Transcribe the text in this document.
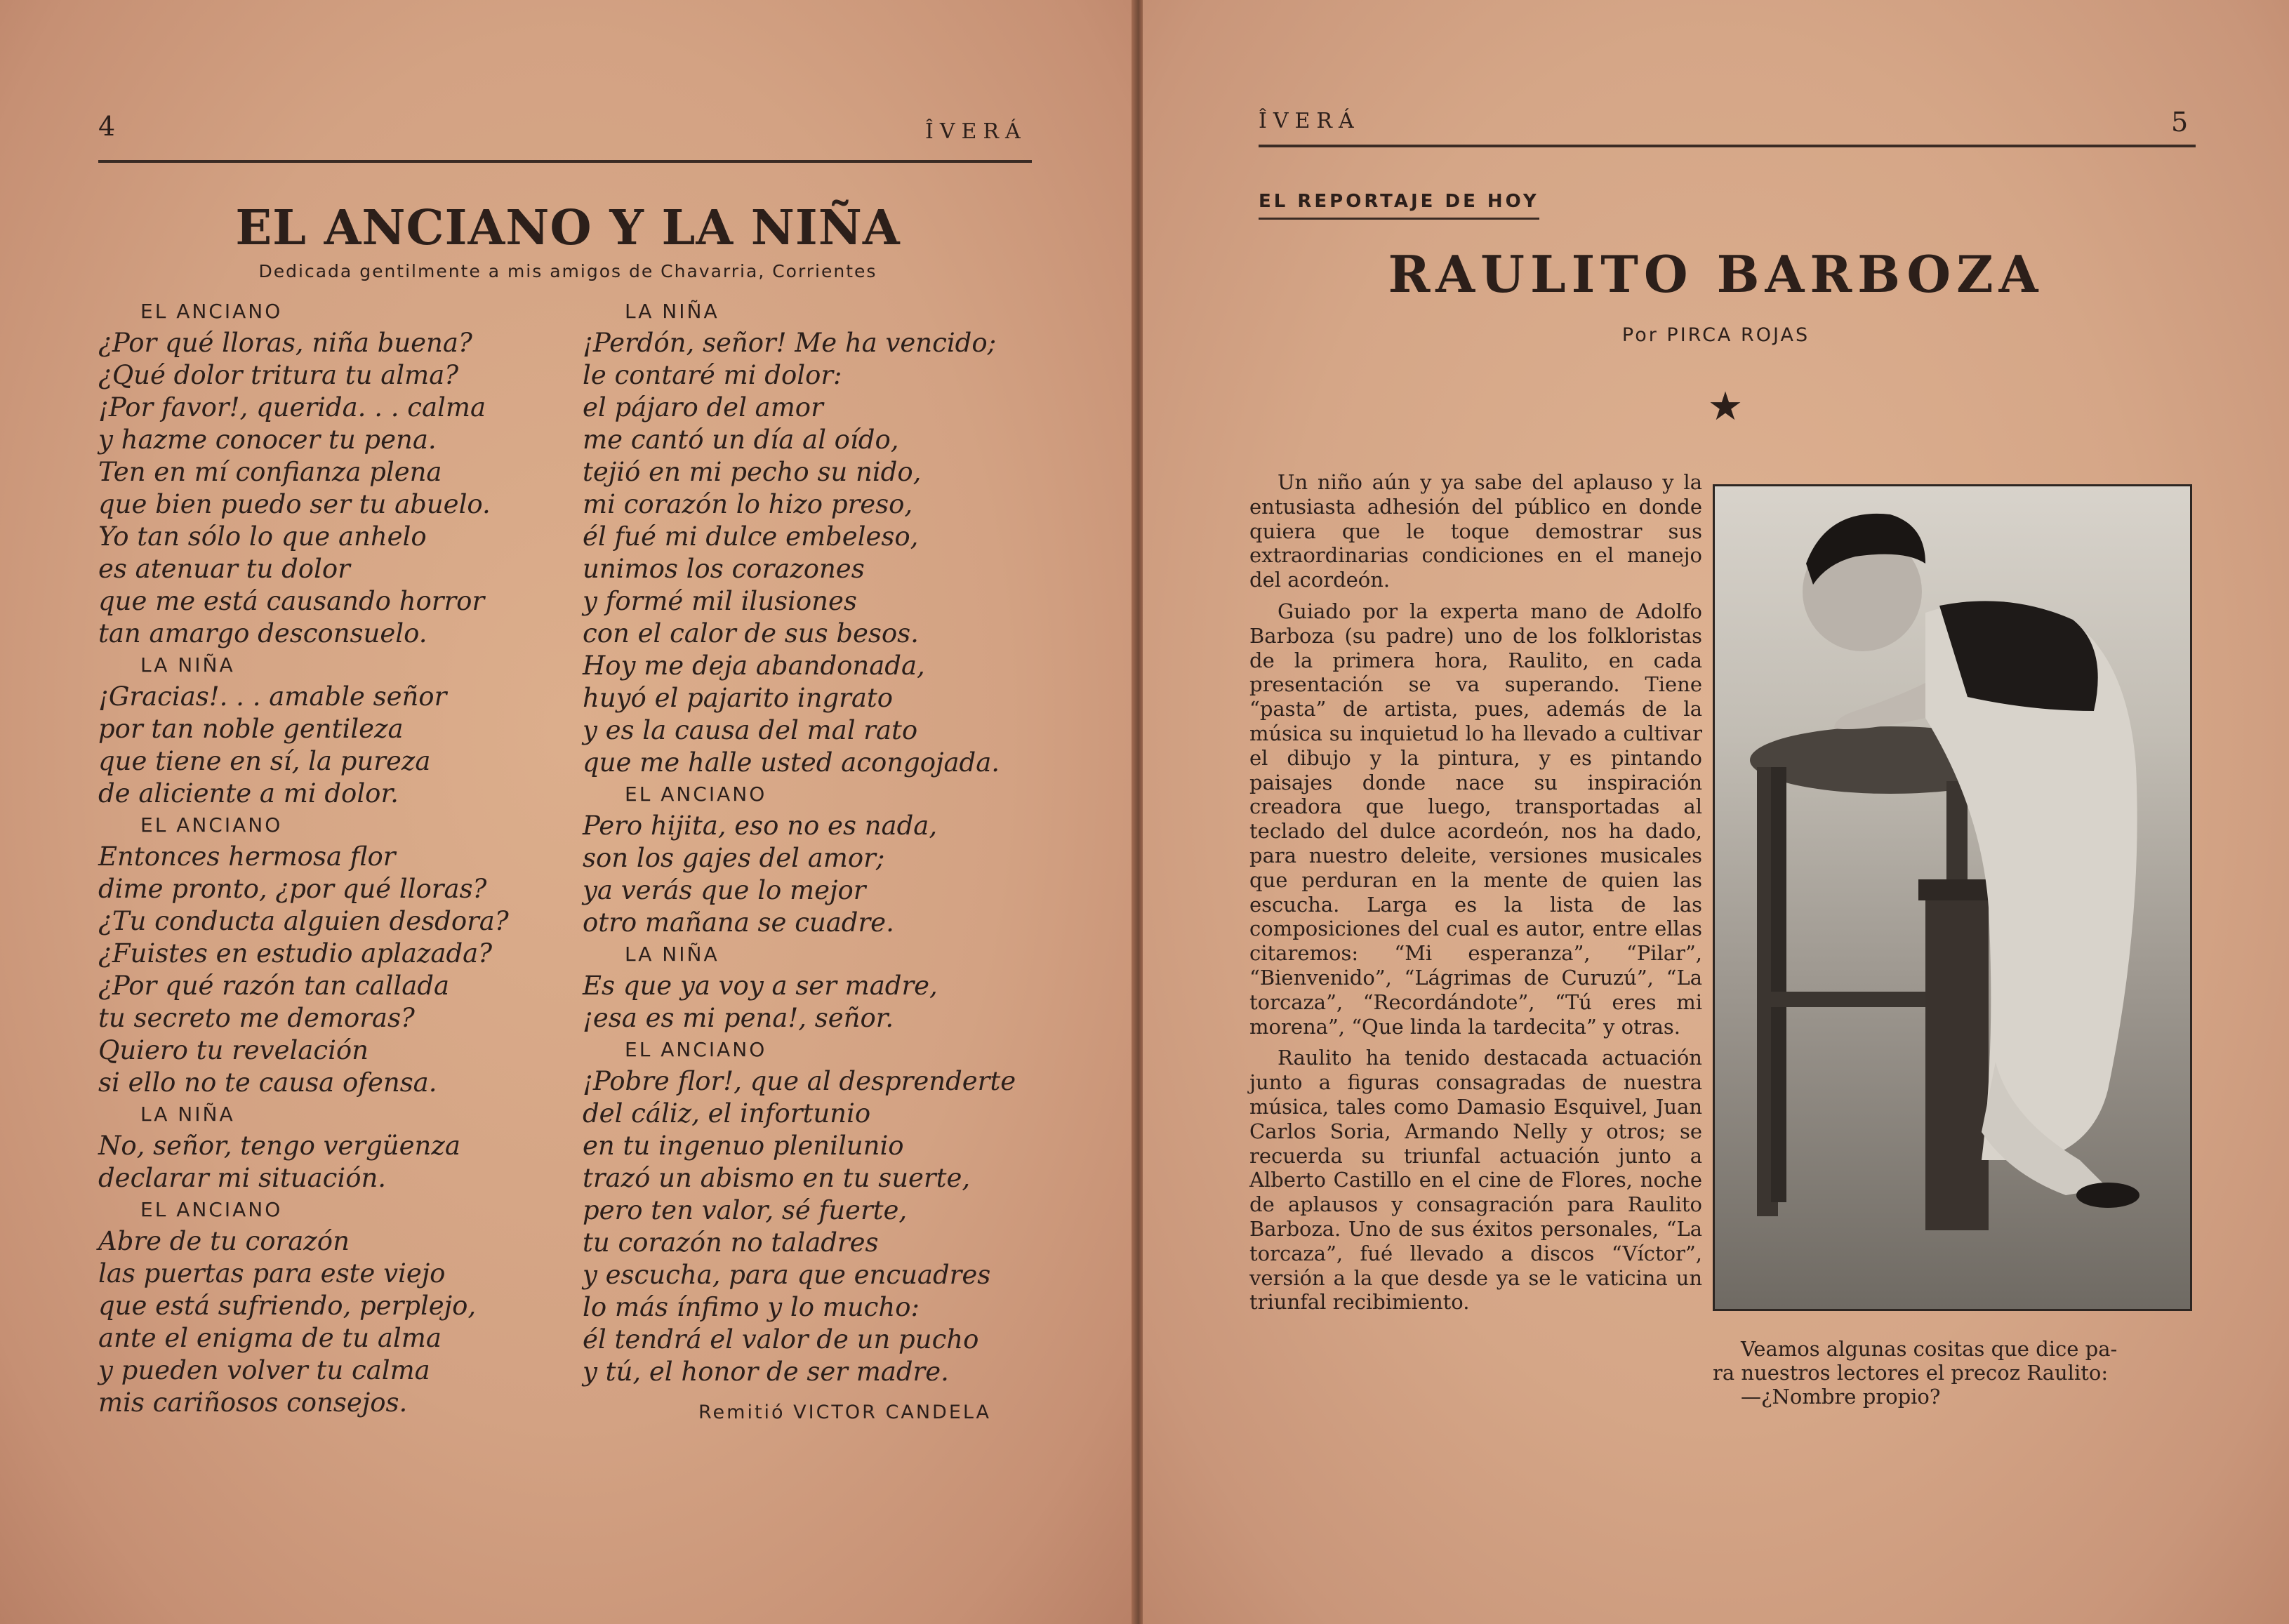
4	ÎVERÁ
EL ANCIANO Y LA NIÑA
Dedicada gentilmente a mis amigos de Chavarria, Corrientes
EL ANCIANO
¿Por qué lloras, niña buena?
¿Qué dolor tritura tu alma?
¡Por favor!, querida. . . calma
y hazme conocer tu pena.
Ten en mí confianza plena
que bien puedo ser tu abuelo.
Yo tan sólo lo que anhelo
es atenuar tu dolor
que me está causando horror
tan amargo desconsuelo.
LA NIÑA
¡Gracias!. . . amable señor
por tan noble gentileza
que tiene en sí, la pureza
de aliciente a mi dolor.
EL ANCIANO
Entonces hermosa flor
dime pronto, ¿por qué lloras?
¿Tu conducta alguien desdora?
¿Fuistes en estudio aplazada?
¿Por qué razón tan callada
tu secreto me demoras?
Quiero tu revelación
si ello no te causa ofensa.
LA NIÑA
No, señor, tengo vergüenza
declarar mi situación.
EL ANCIANO
Abre de tu corazón
las puertas para este viejo
que está sufriendo, perplejo,
ante el enigma de tu alma
y pueden volver tu calma
mis cariñosos consejos.
LA NIÑA
¡Perdón, señor! Me ha vencido;
le contaré mi dolor:
el pájaro del amor
me cantó un día al oído,
tejió en mi pecho su nido,
mi corazón lo hizo preso,
él fué mi dulce embeleso,
unimos los corazones
y formé mil ilusiones
con el calor de sus besos.
Hoy me deja abandonada,
huyó el pajarito ingrato
y es la causa del mal rato
que me halle usted acongojada.
EL ANCIANO
Pero hijita, eso no es nada,
son los gajes del amor;
ya verás que lo mejor
otro mañana se cuadre.
LA NIÑA
Es que ya voy a ser madre,
¡esa es mi pena!, señor.
EL ANCIANO
¡Pobre flor!, que al desprenderte
del cáliz, el infortunio
en tu ingenuo plenilunio
trazó un abismo en tu suerte,
pero ten valor, sé fuerte,
tu corazón no taladres
y escucha, para que encuadres
lo más ínfimo y lo mucho:
él tendrá el valor de un pucho
y tú, el honor de ser madre.
Remitió VICTOR CANDELA
ÎVERÁ	5
EL REPORTAJE DE HOY
RAULITO BARBOZA
Por PIRCA ROJAS
★

Un niño aún y ya sabe del aplauso y la entusiasta adhesión del público en donde quiera que le toque demostrar sus extraordinarias condiciones en el manejo del acordeón.

Guiado por la experta mano de Adolfo Barboza (su padre) uno de los folkloristas de la primera hora, Raulito, en cada presentación se va superando. Tiene “pasta” de artista, pues, además de la música su inquietud lo ha llevado a cultivar el dibujo y la pintura, y es pintando paisajes donde nace su inspiración creadora que luego, transportadas al teclado del dulce acordeón, nos ha dado, para nuestro deleite, versiones musicales que perduran en la mente de quien las escucha. Larga es la lista de las composiciones del cual es autor, entre ellas citaremos: “Mi esperanza”, “Pilar”, “Bienvenido”, “Lágrimas de Curuzú”, “La torcaza”, “Recordándote”, “Tú eres mi morena”, “Que linda la tardecita” y otras.

Raulito ha tenido destacada actuación junto a figuras consagradas de nuestra música, tales como Damasio Esquivel, Juan Carlos Soria, Armando Nelly y otros; se recuerda su triunfal actuación junto a Alberto Castillo en el cine de Flores, noche de aplausos y consagración para Raulito Barboza. Uno de sus éxitos personales, “La torcaza”, fué llevado a discos “Víctor”, versión a la que desde ya se le vaticina un triunfal recibimiento.

Veamos algunas cositas que dice pa-
ra nuestros lectores el precoz Raulito:
—¿Nombre propio?
